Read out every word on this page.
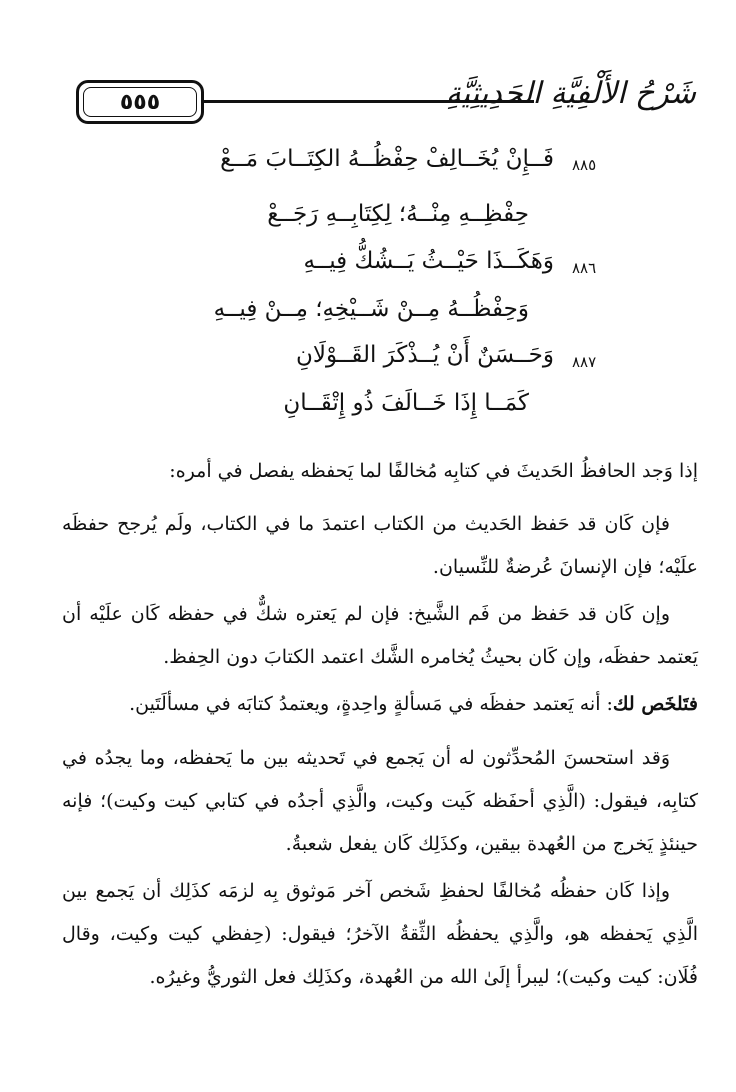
٥٥٥	شَرْحُ الأَلْفِيَّةِ الحَدِيثِيَّةِ
٨٨٥
فَــإِنْ يُخَــالِفْ حِفْظُــهُ الكِتَــابَ مَــعْ
حِفْظِــهِ مِنْــهُ؛ لِكِتَابِــهِ رَجَــعْ
٨٨٦
وَهَكَــذَا حَيْــثُ يَــشُكُّ فِيــهِ
وَحِفْظُــهُ مِــنْ شَــيْخِهِ؛ مِــنْ فِيــهِ
٨٨٧
وَحَــسَنٌ أَنْ يُــذْكَرَ القَــوْلَانِ
كَمَــا إِذَا خَــالَفَ ذُو إِتْقَــانِ
إذا وَجد الحافظُ الحَديثَ في كتابِه مُخالفًا لما يَحفظه يفصل في أمره:
فإن كَان قد حَفظ الحَديث من الكتاب اعتمدَ ما في الكتاب، ولَم يُرجح حفظَه علَيْه؛ فإن الإنسانَ عُرضةٌ للنِّسيان.
وإن كَان قد حَفظ من فَم الشَّيخ: فإن لم يَعتره شكٌّ في حفظه كَان علَيْه أن يَعتمد حفظَه، وإن كَان بحيثُ يُخامره الشَّك اعتمد الكتابَ دون الحِفظ.
فتَلخَص لك: أنه يَعتمد حفظَه في مَسألةٍ واحِدةٍ، ويعتمدُ كتابَه في مسألَتَين.
وَقد استحسنَ المُحدِّثون له أن يَجمع في تَحديثه بين ما يَحفظه، وما يجدُه في كتابِه، فيقول: (الَّذِي أحفَظه كَيت وكيت، والَّذِي أجدُه في كتابي كيت وكيت)؛ فإنه حينئذٍ يَخرج من العُهدة بيقين، وكذَلِك كَان يفعل شعبةُ.
وإذا كَان حفظُه مُخالفًا لحفظِ شَخص آخر مَوثوق بِه لزمَه كذَلِك أن يَجمع بين الَّذِي يَحفظه هو، والَّذِي يحفظُه الثِّقةُ الآخرُ؛ فيقول: (حِفظي كيت وكيت، وقال فُلَان: كيت وكيت)؛ ليبرأ إلَىٰ الله من العُهدة، وكذَلِك فعل الثوريُّ وغيرُه.
